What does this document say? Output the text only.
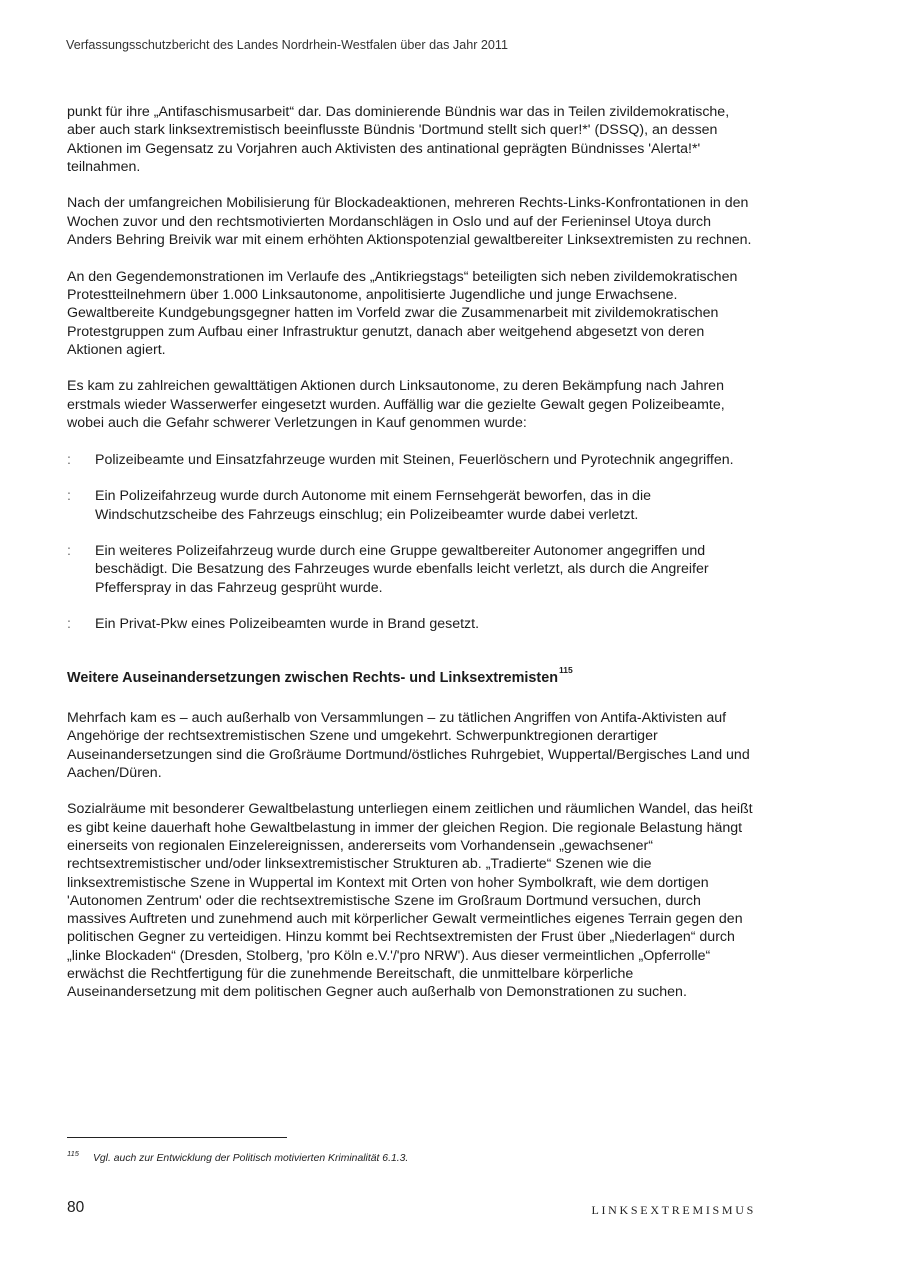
Verfassungsschutzbericht des Landes Nordrhein-Westfalen über das Jahr 2011

punkt für ihre „Antifaschismusarbeit“ dar. Das dominierende Bündnis war das in Teilen zivildemokratische, aber auch stark linksextremistisch beeinflusste Bündnis 'Dortmund stellt sich quer!*' (DSSQ), an dessen Aktionen im Gegensatz zu Vorjahren auch Aktivisten des antinational geprägten Bündnisses 'Alerta!*' teilnahmen.

Nach der umfangreichen Mobilisierung für Blockadeaktionen, mehreren Rechts-Links-Konfrontationen in den Wochen zuvor und den rechtsmotivierten Mordanschlägen in Oslo und auf der Ferieninsel Utoya durch Anders Behring Breivik war mit einem erhöhten Aktionspotenzial gewaltbereiter Linksextremisten zu rechnen.

An den Gegendemonstrationen im Verlaufe des „Antikriegstags“ beteiligten sich neben zivildemokratischen Protestteilnehmern über 1.000 Linksautonome, anpolitisierte Jugendliche und junge Erwachsene. Gewaltbereite Kundgebungsgegner hatten im Vorfeld zwar die Zusammenarbeit mit zivildemokratischen Protestgruppen zum Aufbau einer Infrastruktur genutzt, danach aber weitgehend abgesetzt von deren Aktionen agiert.

Es kam zu zahlreichen gewalttätigen Aktionen durch Linksautonome, zu deren Bekämpfung nach Jahren erstmals wieder Wasserwerfer eingesetzt wurden. Auffällig war die gezielte Gewalt gegen Polizeibeamte, wobei auch die Gefahr schwerer Verletzungen in Kauf genommen wurde:

: Polizeibeamte und Einsatzfahrzeuge wurden mit Steinen, Feuerlöschern und Pyrotechnik angegriffen.
: Ein Polizeifahrzeug wurde durch Autonome mit einem Fernsehgerät beworfen, das in die Windschutzscheibe des Fahrzeugs einschlug; ein Polizeibeamter wurde dabei verletzt.
: Ein weiteres Polizeifahrzeug wurde durch eine Gruppe gewaltbereiter Autonomer angegriffen und beschädigt. Die Besatzung des Fahrzeuges wurde ebenfalls leicht verletzt, als durch die Angreifer Pfefferspray in das Fahrzeug gesprüht wurde.
: Ein Privat-Pkw eines Polizeibeamten wurde in Brand gesetzt.

Weitere Auseinandersetzungen zwischen Rechts- und Linksextremisten$^{115}$

Mehrfach kam es – auch außerhalb von Versammlungen – zu tätlichen Angriffen von Antifa-Aktivisten auf Angehörige der rechtsextremistischen Szene und umgekehrt. Schwerpunktregionen derartiger Auseinandersetzungen sind die Großräume Dortmund/östliches Ruhrgebiet, Wuppertal/Bergisches Land und Aachen/Düren.

Sozialräume mit besonderer Gewaltbelastung unterliegen einem zeitlichen und räumlichen Wandel, das heißt es gibt keine dauerhaft hohe Gewaltbelastung in immer der gleichen Region. Die regionale Belastung hängt einerseits von regionalen Einzelereignissen, andererseits vom Vorhandensein „gewachsener“ rechtsextremistischer und/oder linksextremistischer Strukturen ab. „Tradierte“ Szenen wie die linksextremistische Szene in Wuppertal im Kontext mit Orten von hoher Symbolkraft, wie dem dortigen 'Autonomen Zentrum' oder die rechtsextremistische Szene im Großraum Dortmund versuchen, durch massives Auftreten und zunehmend auch mit körperlicher Gewalt vermeintliches eigenes Terrain gegen den politischen Gegner zu verteidigen. Hinzu kommt bei Rechtsextremisten der Frust über „Niederlagen“ durch „linke Blockaden“ (Dresden, Stolberg, 'pro Köln e.V.'/'pro NRW'). Aus dieser vermeintlichen „Opferrolle“ erwächst die Rechtfertigung für die zunehmende Bereitschaft, die unmittelbare körperliche Auseinandersetzung mit dem politischen Gegner auch außerhalb von Demonstrationen zu suchen.

$^{115}$ Vgl. auch zur Entwicklung der Politisch motivierten Kriminalität 6.1.3.
80	LINKSEXTREMISMUS
